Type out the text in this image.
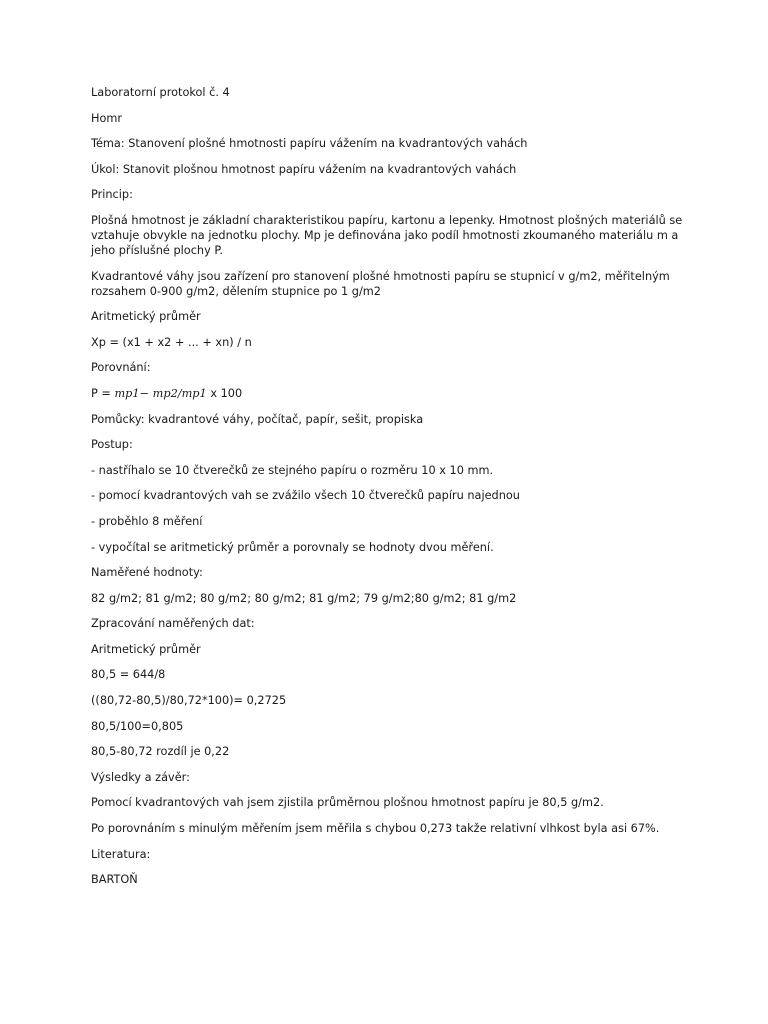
Laboratorní protokol č. 4

Homr

Téma: Stanovení plošné hmotnosti papíru vážením na kvadrantových vahách

Úkol: Stanovit plošnou hmotnost papíru vážením na kvadrantových vahách

Princip:

Plošná hmotnost je základní charakteristikou papíru, kartonu a lepenky. Hmotnost plošných materiálů se vztahuje obvykle na jednotku plochy. Mp je definována jako podíl hmotnosti zkoumaného materiálu m a jeho příslušné plochy P.

Kvadrantové váhy jsou zařízení pro stanovení plošné hmotnosti papíru se stupnicí v g/m2, měřitelným rozsahem 0-900 g/m2, dělením stupnice po 1 g/m2

Aritmetický průměr

Xp = (x1 + x2 + ... + xn) / n

Porovnání:

P = 𝑚𝑝1− 𝑚𝑝2/𝑚𝑝1 x 100

Pomůcky: kvadrantové váhy, počítač, papír, sešit, propiska

Postup:

- nastříhalo se 10 čtverečků ze stejného papíru o rozměru 10 x 10 mm.

- pomocí kvadrantových vah se zvážilo všech 10 čtverečků papíru najednou

- proběhlo 8 měření

- vypočítal se aritmetický průměr a porovnaly se hodnoty dvou měření.

Naměřené hodnoty:

82 g/m2; 81 g/m2; 80 g/m2; 80 g/m2; 81 g/m2; 79 g/m2;80 g/m2; 81 g/m2

Zpracování naměřených dat:

Aritmetický průměr

80,5 = 644/8

((80,72-80,5)/80,72*100)= 0,2725

80,5/100=0,805

80,5-80,72 rozdíl je 0,22

Výsledky a závěr:

Pomocí kvadrantových vah jsem zjistila průměrnou plošnou hmotnost papíru je 80,5 g/m2.

Po porovnáním s minulým měřením jsem měřila s chybou 0,273 takže relativní vlhkost byla asi 67%.

Literatura:

BARTOŇ
